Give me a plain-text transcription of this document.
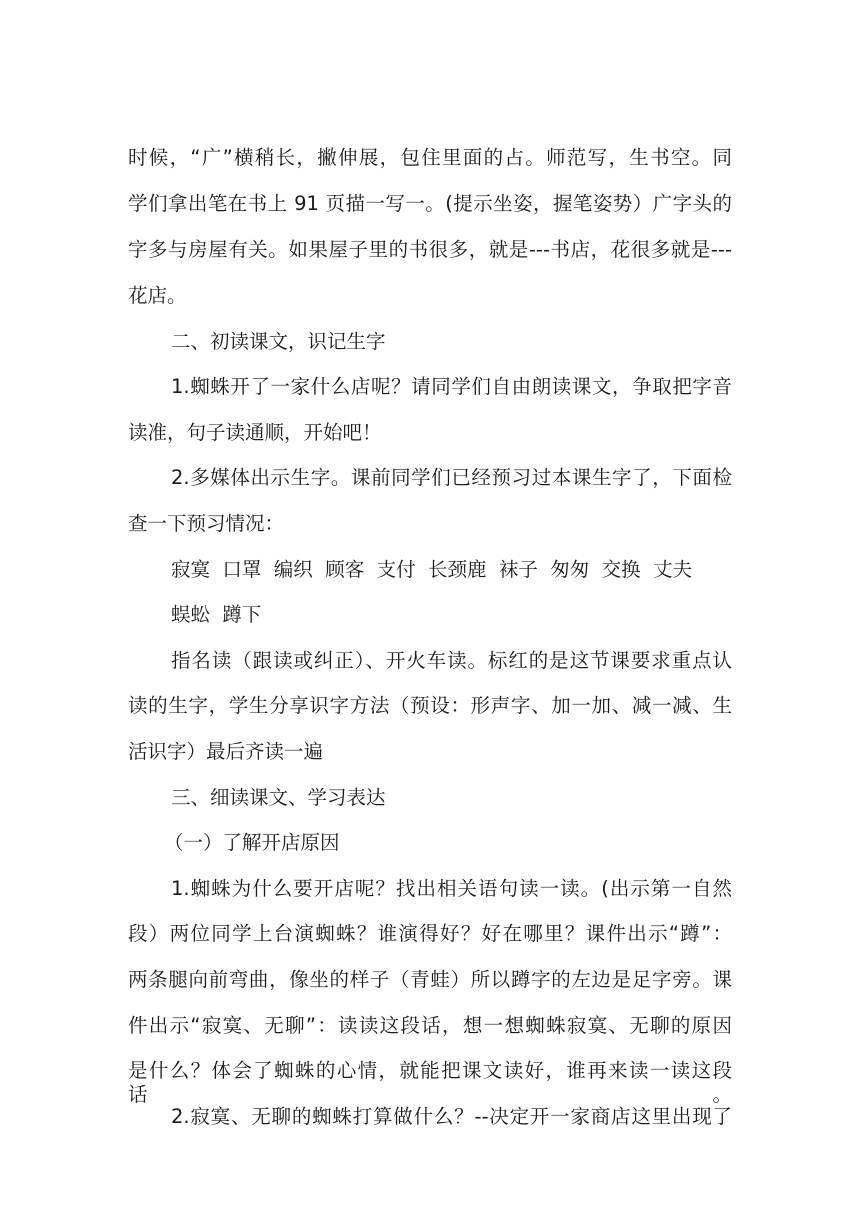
时候，“广”横稍长，撇伸展，包住里面的占。师范写，生书空。同
学们拿出笔在书上 91 页描一写一。(提示坐姿，握笔姿势）广字头的
字多与房屋有关。如果屋子里的书很多，就是---书店，花很多就是---
花店。
二、初读课文，识记生字
1.蜘蛛开了一家什么店呢？请同学们自由朗读课文，争取把字音
读准，句子读通顺，开始吧！
2.多媒体出示生字。课前同学们已经预习过本课生字了，下面检
查一下预习情况：
寂寞  口罩  编织  顾客  支付  长颈鹿  袜子  匆匆  交换  丈夫
蜈蚣  蹲下
指名读（跟读或纠正）、开火车读。标红的是这节课要求重点认
读的生字，学生分享识字方法（预设：形声字、加一加、减一减、生
活识字）最后齐读一遍
三、细读课文、学习表达
（一）了解开店原因
1.蜘蛛为什么要开店呢？找出相关语句读一读。(出示第一自然
段）两位同学上台演蜘蛛？谁演得好？好在哪里？课件出示“蹲”：
两条腿向前弯曲，像坐的样子（青蛙）所以蹲字的左边是足字旁。课
件出示“寂寞、无聊”：读读这段话，想一想蜘蛛寂寞、无聊的原因
是什么？体会了蜘蛛的心情，就能把课文读好，谁再来读一读这段话。
2.寂寞、无聊的蜘蛛打算做什么？--决定开一家商店这里出现了
